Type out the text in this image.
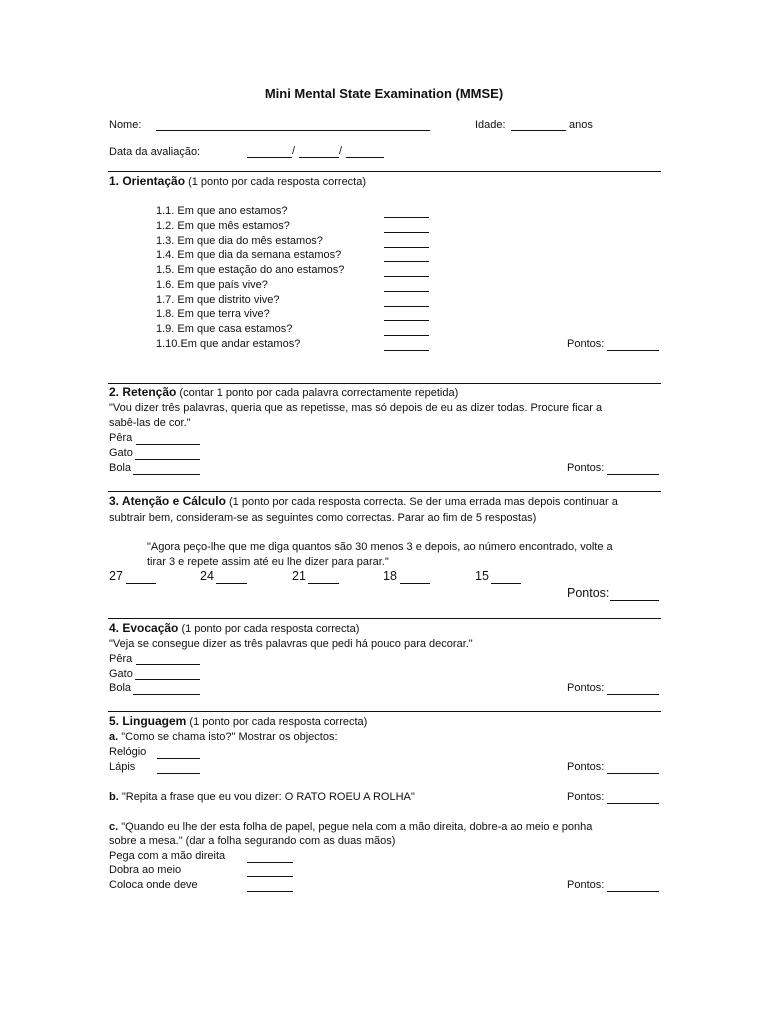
Mini Mental State Examination (MMSE)
Nome:	Idade:	anos
Data da avaliação:	/	/
1. Orientação (1 ponto por cada resposta correcta)
1.1. Em que ano estamos?
1.2. Em que mês estamos?
1.3. Em que dia do mês estamos?
1.4. Em que dia da semana estamos?
1.5. Em que estação do ano estamos?
1.6. Em que país vive?
1.7. Em que distrito vive?
1.8. Em que terra vive?
1.9. Em que casa estamos?
1.10.Em que andar estamos?	Pontos:
2. Retenção (contar 1 ponto por cada palavra correctamente repetida)
"Vou dizer três palavras, queria que as repetisse, mas só depois de eu as dizer todas. Procure ficar a
sabê-las de cor."
Pêra
Gato
Bola	Pontos:
3. Atenção e Cálculo (1 ponto por cada resposta correcta. Se der uma errada mas depois continuar a
subtrair bem, consideram-se as seguintes como correctas. Parar ao fim de 5 respostas)
"Agora peço-lhe que me diga quantos são 30 menos 3 e depois, ao número encontrado, volte a
tirar 3 e repete assim até eu lhe dizer para parar."
27	24	21	18	15
Pontos:
4. Evocação (1 ponto por cada resposta correcta)
"Veja se consegue dizer as três palavras que pedi há pouco para decorar."
Pêra
Gato
Bola	Pontos:
5. Linguagem (1 ponto por cada resposta correcta)
a. "Como se chama isto?" Mostrar os objectos:
Relógio
Lápis	Pontos:
b. "Repita a frase que eu vou dizer: O RATO ROEU A ROLHA"	Pontos:
c. "Quando eu lhe der esta folha de papel, pegue nela com a mão direita, dobre-a ao meio e ponha
sobre a mesa." (dar a folha segurando com as duas mãos)
Pega com a mão direita
Dobra ao meio
Coloca onde deve	Pontos:
